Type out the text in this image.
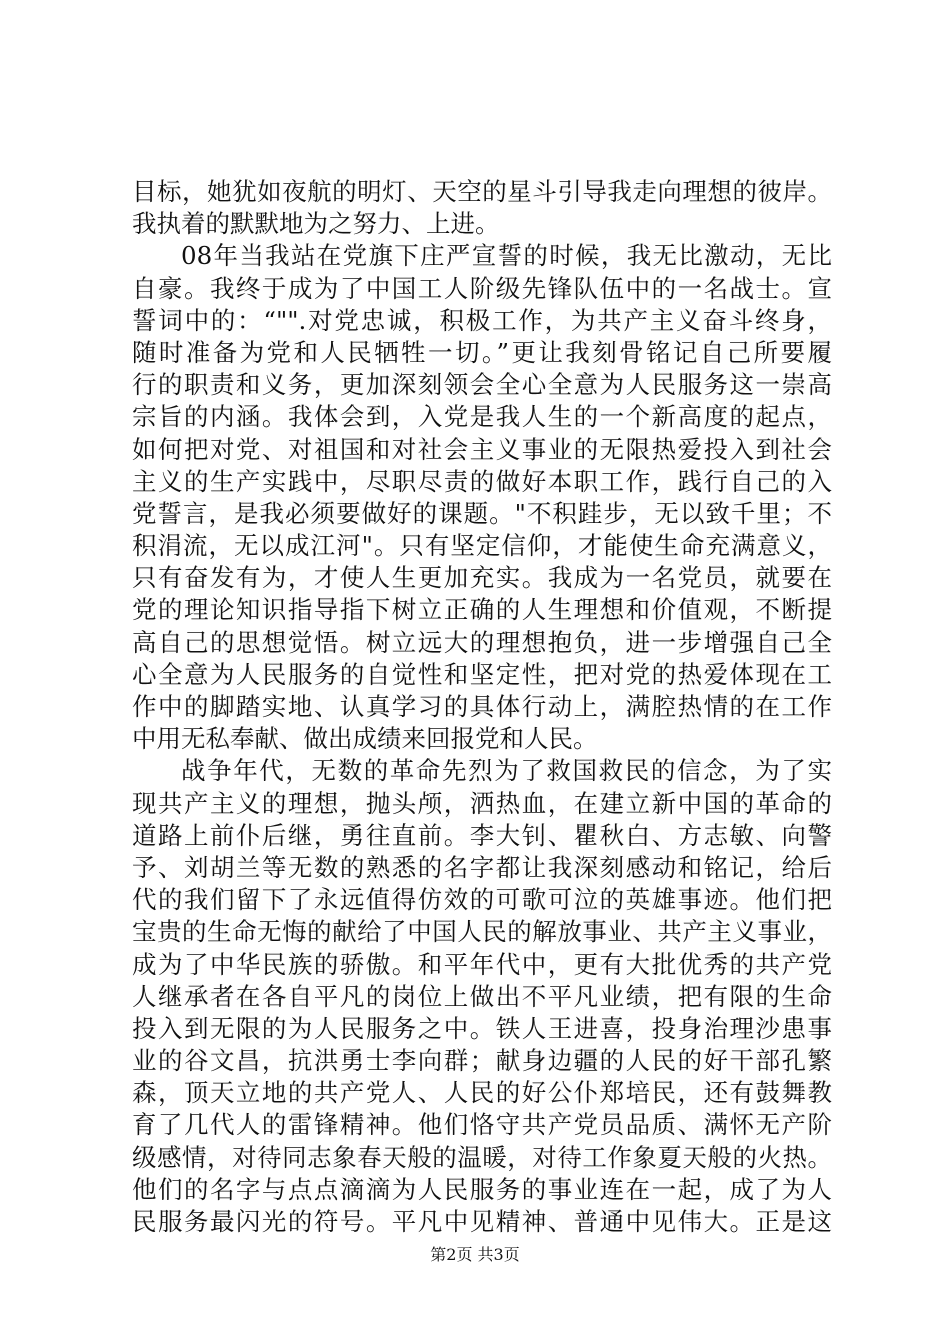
目标，她犹如夜航的明灯、天空的星斗引导我走向理想的彼岸。
我执着的默默地为之努力、上进。
08年当我站在党旗下庄严宣誓的时候，我无比激动，无比
自豪。我终于成为了中国工人阶级先锋队伍中的一名战士。宣
誓词中的：“"".对党忠诚，积极工作，为共产主义奋斗终身，
随时准备为党和人民牺牲一切。”更让我刻骨铭记自己所要履
行的职责和义务，更加深刻领会全心全意为人民服务这一崇高
宗旨的内涵。我体会到，入党是我人生的一个新高度的起点，
如何把对党、对祖国和对社会主义事业的无限热爱投入到社会
主义的生产实践中，尽职尽责的做好本职工作，践行自己的入
党誓言，是我必须要做好的课题。"不积跬步，无以致千里；不
积涓流，无以成江河"。只有坚定信仰，才能使生命充满意义，
只有奋发有为，才使人生更加充实。我成为一名党员，就要在
党的理论知识指导指下树立正确的人生理想和价值观，不断提
高自己的思想觉悟。树立远大的理想抱负，进一步增强自己全
心全意为人民服务的自觉性和坚定性，把对党的热爱体现在工
作中的脚踏实地、认真学习的具体行动上，满腔热情的在工作
中用无私奉献、做出成绩来回报党和人民。
战争年代，无数的革命先烈为了救国救民的信念，为了实
现共产主义的理想，抛头颅，洒热血，在建立新中国的革命的
道路上前仆后继，勇往直前。李大钊、瞿秋白、方志敏、向警
予、刘胡兰等无数的熟悉的名字都让我深刻感动和铭记，给后
代的我们留下了永远值得仿效的可歌可泣的英雄事迹。他们把
宝贵的生命无悔的献给了中国人民的解放事业、共产主义事业，
成为了中华民族的骄傲。和平年代中，更有大批优秀的共产党
人继承者在各自平凡的岗位上做出不平凡业绩，把有限的生命
投入到无限的为人民服务之中。铁人王进喜，投身治理沙患事
业的谷文昌，抗洪勇士李向群；献身边疆的人民的好干部孔繁
森，顶天立地的共产党人、人民的好公仆郑培民，还有鼓舞教
育了几代人的雷锋精神。他们恪守共产党员品质、满怀无产阶
级感情，对待同志象春天般的温暖，对待工作象夏天般的火热。
他们的名字与点点滴滴为人民服务的事业连在一起，成了为人
民服务最闪光的符号。平凡中见精神、普通中见伟大。正是这
第2页 共3页
